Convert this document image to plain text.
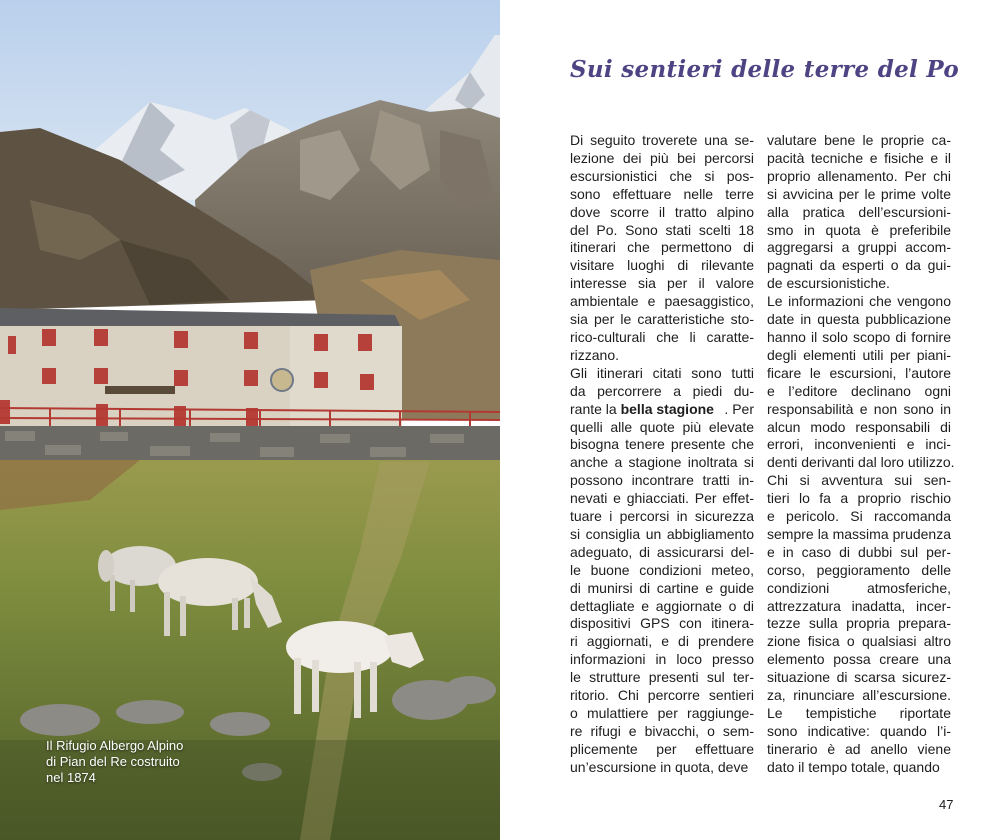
Il Rifugio Albergo Alpino
di Pian del Re costruito
nel 1874
Sui sentieri delle terre del Po
Di seguito troverete una se-
lezione dei più bei percorsi
escursionistici che si pos-
sono effettuare nelle terre
dove scorre il tratto alpino
del Po. Sono stati scelti 18
itinerari che permettono di
visitare luoghi di rilevante
interesse sia per il valore
ambientale e paesaggistico,
sia per le caratteristiche sto-
rico-culturali che li caratte-
rizzano.
Gli itinerari citati sono tutti
da percorrere a piedi du-
rante la bella stagione . Per
quelli alle quote più elevate
bisogna tenere presente che
anche a stagione inoltrata si
possono incontrare tratti in-
nevati e ghiacciati. Per effet-
tuare i percorsi in sicurezza
si consiglia un abbigliamento
adeguato, di assicurarsi del-
le buone condizioni meteo,
di munirsi di cartine e guide
dettagliate e aggiornate o di
dispositivi GPS con itinera-
ri aggiornati, e di prendere
informazioni in loco presso
le strutture presenti sul ter-
ritorio. Chi percorre sentieri
o mulattiere per raggiunge-
re rifugi e bivacchi, o sem-
plicemente per effettuare
un’escursione in quota, deve
valutare bene le proprie ca-
pacità tecniche e fisiche e il
proprio allenamento. Per chi
si avvicina per le prime volte
alla pratica dell’escursioni-
smo in quota è preferibile
aggregarsi a gruppi accom-
pagnati da esperti o da gui-
de escursionistiche.
Le informazioni che vengono
date in questa pubblicazione
hanno il solo scopo di fornire
degli elementi utili per piani-
ficare le escursioni, l’autore
e l’editore declinano ogni
responsabilità e non sono in
alcun modo responsabili di
errori, inconvenienti e inci-
denti derivanti dal loro utilizzo.
Chi si avventura sui sen-
tieri lo fa a proprio rischio
e pericolo. Si raccomanda
sempre la massima prudenza
e in caso di dubbi sul per-
corso, peggioramento delle
condizioni atmosferiche,
attrezzatura inadatta, incer-
tezze sulla propria prepara-
zione fisica o qualsiasi altro
elemento possa creare una
situazione di scarsa sicurez-
za, rinunciare all’escursione.
Le tempistiche riportate
sono indicative: quando l’i-
tinerario è ad anello viene
dato il tempo totale, quando
47
